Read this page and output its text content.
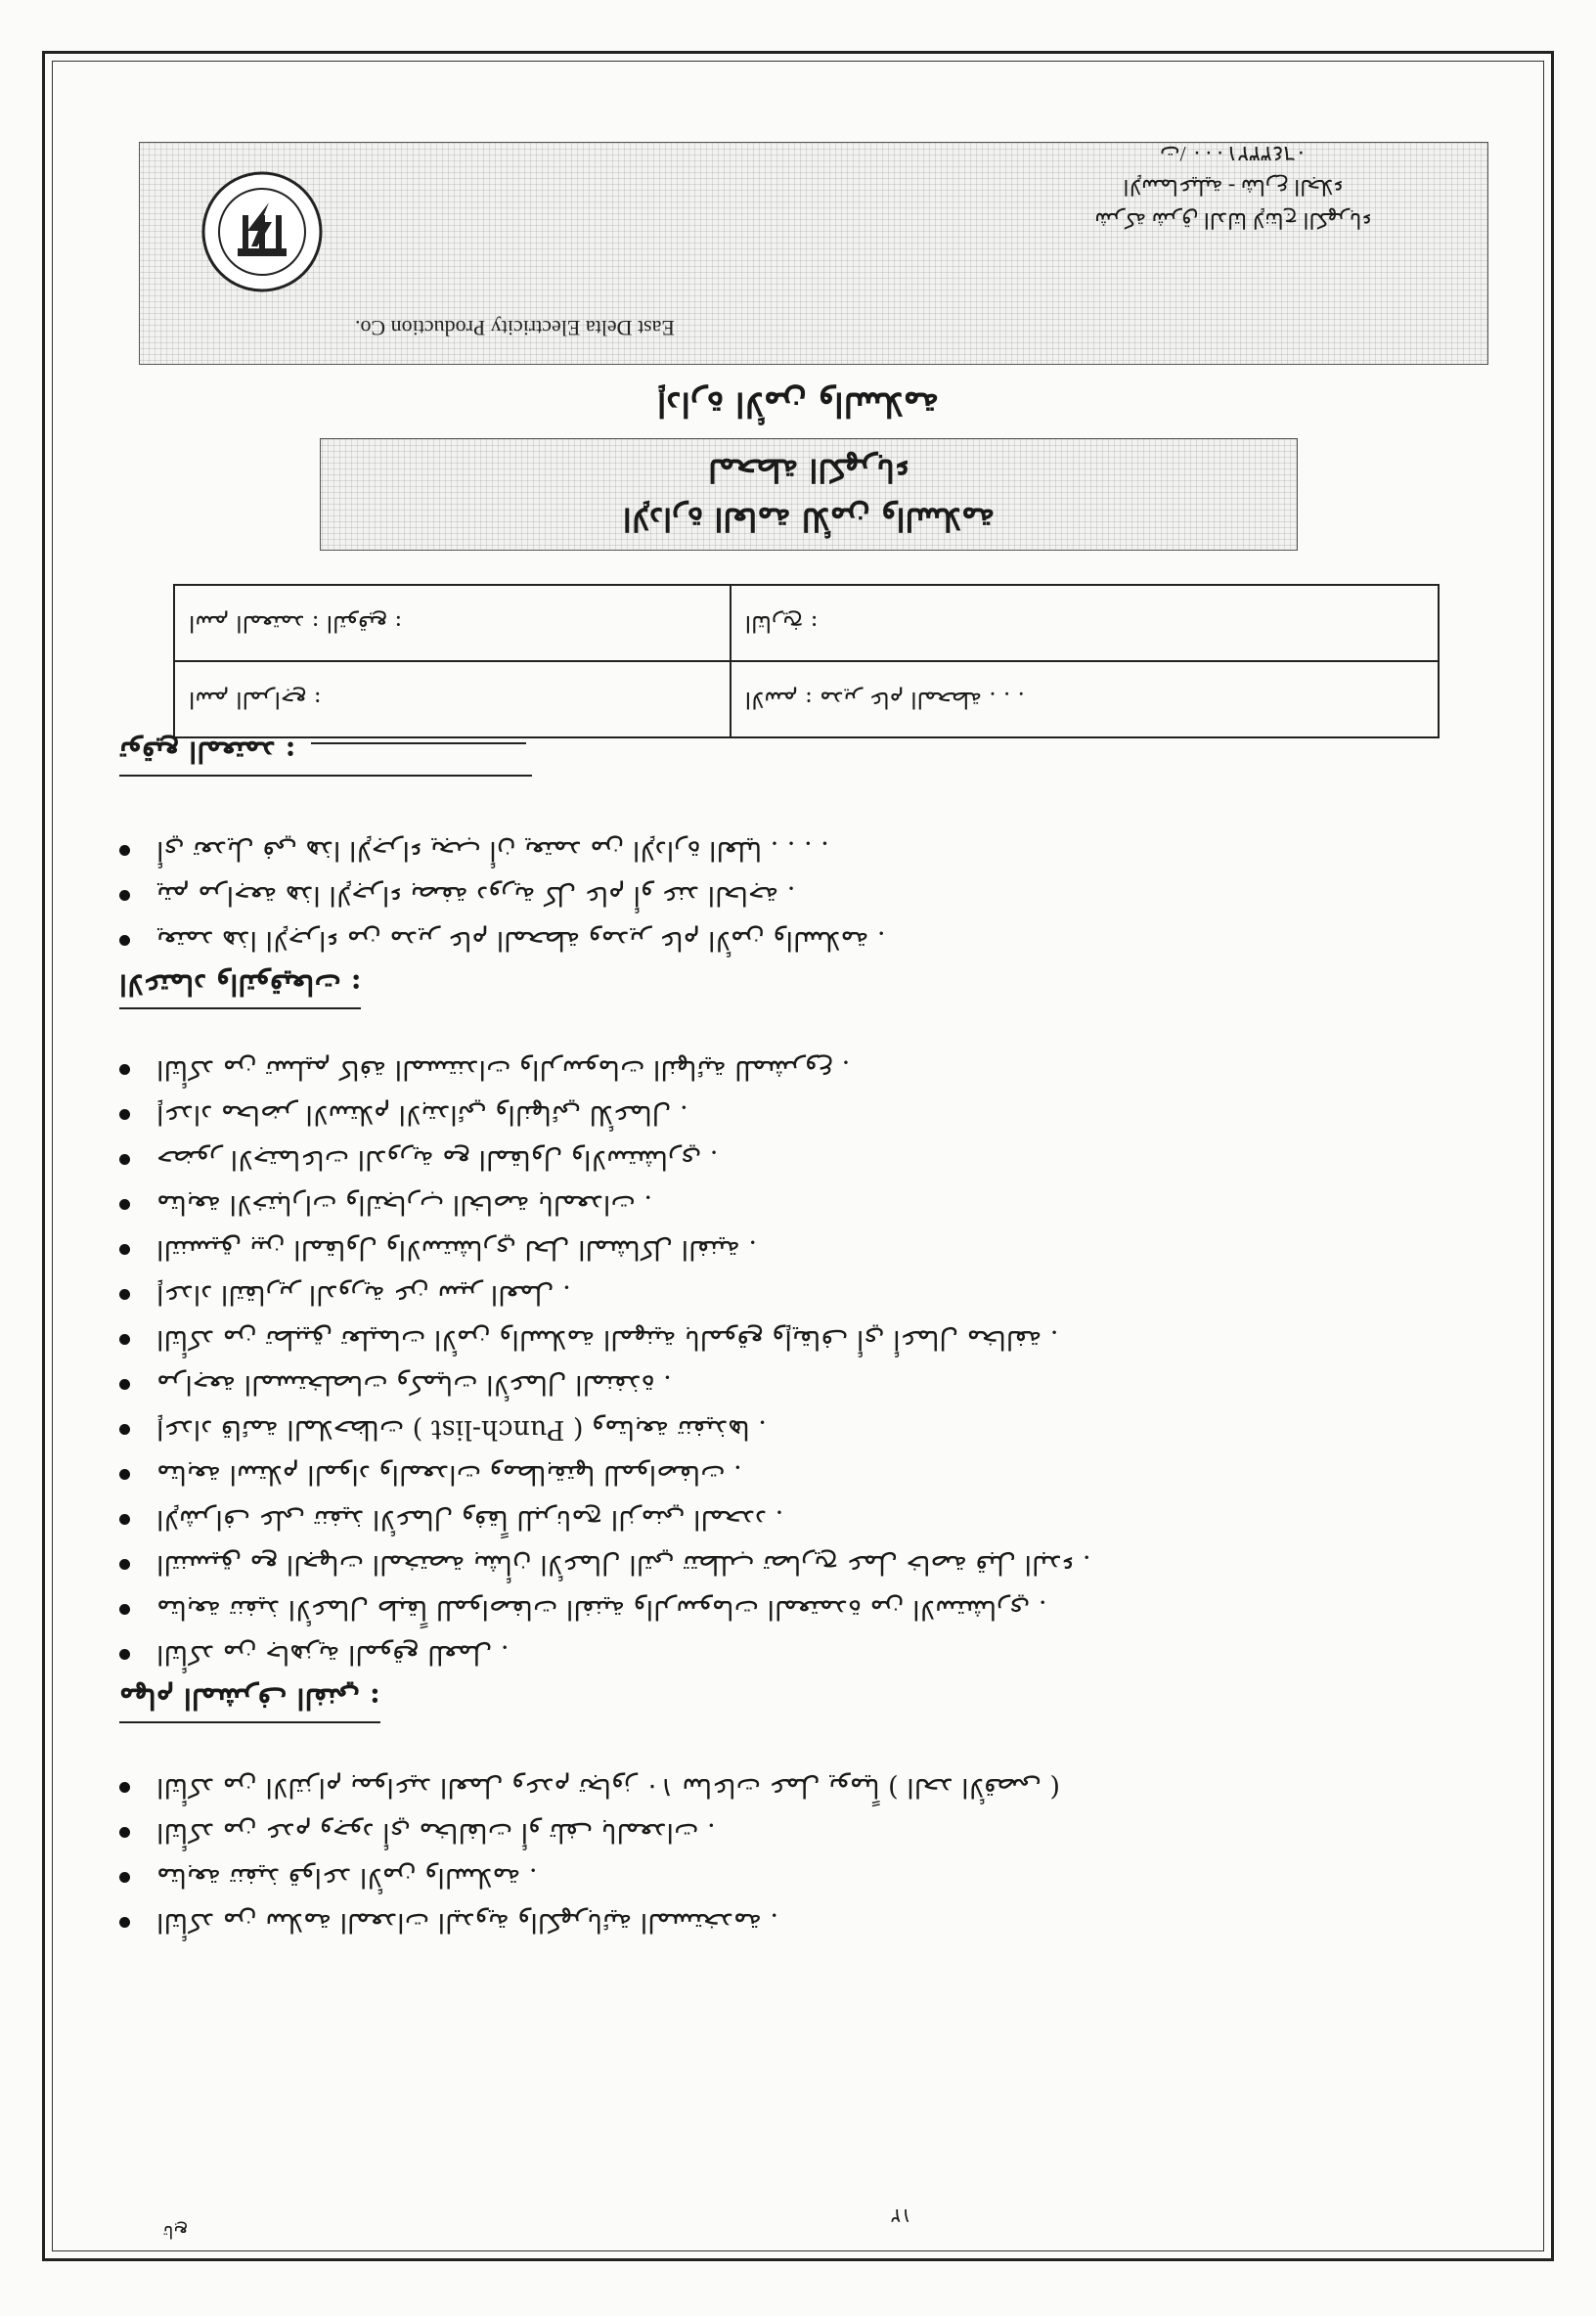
تابع
١٢
East Delta Electricity Production Co.
شركة شرق الدلتا لإنتاج الكهرباء
الإسماعيلية - شارع الجلاء
ت/ ٠٦٤٣٣٢١٠٠٠
إدارة الأمن والسلامة
الإدارة العامة للأمن والسلامة
لمحطة الكهرباء
اسم المراجع :	الاسم : مدير عام المحطة . . .
اسم المعتمد : التوقيع :	التاريخ :
توقيع المعتمد :
الاعتماد والتوقيعات :
يعتمد هذا الإجراء من مدير عام المحطة ومدير عام الأمن والسلامة .
يتم مراجعة هذا الإجراء بصفة دورية كل عام أو عند الحاجة .
أي تعديل في هذا الإجراء يجب أن يعتمد من الإدارة العليا . . . .
مهام المشرف الفني :
التأكد من جاهزية الموقع للعمل .
متابعة تنفيذ الأعمال طبقاً للمواصفات الفنية والرسومات المعتمدة من الاستشاري .
التنسيق مع الجهات المختصة بشأن الأعمال التي تتطلب تصاريح عمل خاصة قبل البدء .
الإشراف على تنفيذ الأعمال وفقاً للبرنامج الزمني المحدد .
متابعة استلام المواد والمعدات ومطابقتها للمواصفات .
إعداد قائمة الملاحظات ( Punch-list ) ومتابعة تنفيذها .
مراجعة المستخلصات وكميات الأعمال المنفذة .
التأكد من تطبيق تعليمات الأمن والسلامة المهنية بالموقع وإيقاف أي أعمال مخالفة .
إعداد التقارير الدورية عن سير العمل .
التنسيق بين المقاول والاستشاري لحل المشاكل الفنية .
متابعة الاختبارات والتجارب الخاصة بالمعدات .
حضور الاجتماعات الدورية مع المقاول والاستشاري .
إعداد محاضر الاستلام الابتدائي والنهائي للأعمال .
التأكد من تسليم كافة المستندات والرسومات النهائية للمشروع .
التأكد من سلامة المعدات اليدوية والكهربائية المستخدمة .
متابعة تنفيذ قواعد الأمن والسلامة .
التأكد من عدم وجود أي مخالفات أو تلف بالمعدات .
التأكد من الالتزام بمواعيد العمل وعدم تجاوز ١٠ ساعات عمل يومياً ( الحد الأقصى )
